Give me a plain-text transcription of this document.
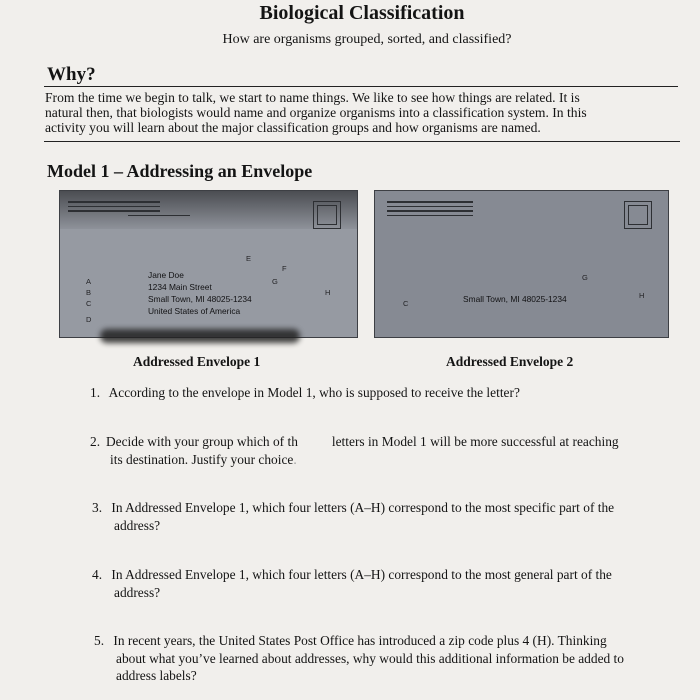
Biological Classification
How are organisms grouped, sorted, and classified?
Why?
From the time we begin to talk, we start to name things. We like to see how things are related. It is
natural then, that biologists would name and organize organisms into a classification system. In this
activity you will learn about the major classification groups and how organisms are named.
Model 1 – Addressing an Envelope
A
B
C
D
E
F
G
H
Jane Doe
1234 Main Street
Small Town, MI 48025-1234
United States of America
C
G
H
Small Town, MI 48025-1234
Addressed Envelope 1	Addressed Envelope 2
1. According to the envelope in Model 1, who is supposed to receive the letter?
2. Decide with your group which of th	letters in Model 1 will be more successful at reaching
its destination. Justify your choice.
3. In Addressed Envelope 1, which four letters (A–H) correspond to the most specific part of the
address?
4. In Addressed Envelope 1, which four letters (A–H) correspond to the most general part of the
address?
5. In recent years, the United States Post Office has introduced a zip code plus 4 (H). Thinking
about what you’ve learned about addresses, why would this additional information be added to
address labels?
